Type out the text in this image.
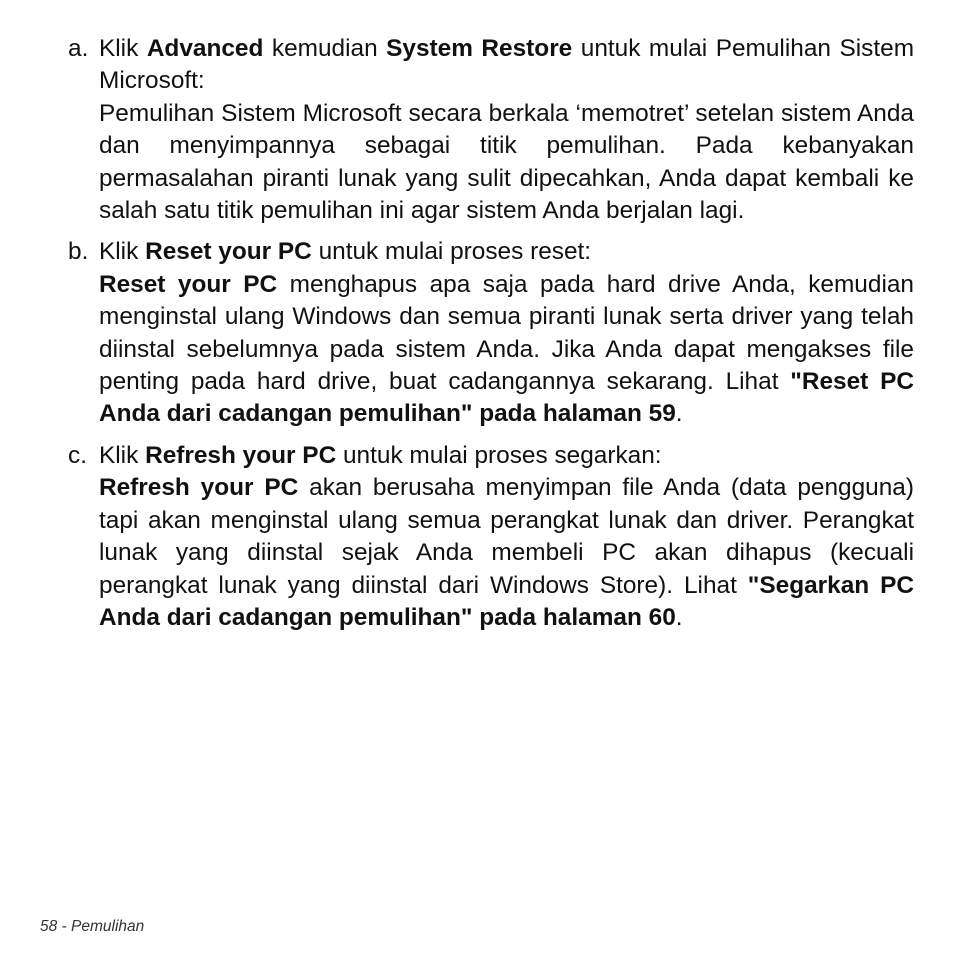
a. Klik Advanced kemudian System Restore untuk mulai Pemulihan Sistem Microsoft:

Pemulihan Sistem Microsoft secara berkala ‘memotret’ setelan sistem Anda dan menyimpannya sebagai titik pemulihan. Pada kebanyakan permasalahan piranti lunak yang sulit dipecahkan, Anda dapat kembali ke salah satu titik pemulihan ini agar sistem Anda berjalan lagi.

b. Klik Reset your PC untuk mulai proses reset:

Reset your PC menghapus apa saja pada hard drive Anda, kemudian menginstal ulang Windows dan semua piranti lunak serta driver yang telah diinstal sebelumnya pada sistem Anda. Jika Anda dapat mengakses file penting pada hard drive, buat cadangannya sekarang. Lihat "Reset PC Anda dari cadangan pemulihan" pada halaman 59.

c. Klik Refresh your PC untuk mulai proses segarkan:

Refresh your PC akan berusaha menyimpan file Anda (data pengguna) tapi akan menginstal ulang semua perangkat lunak dan driver. Perangkat lunak yang diinstal sejak Anda membeli PC akan dihapus (kecuali perangkat lunak yang diinstal dari Windows Store). Lihat "Segarkan PC Anda dari cadangan pemulihan" pada halaman 60.

58 - Pemulihan
